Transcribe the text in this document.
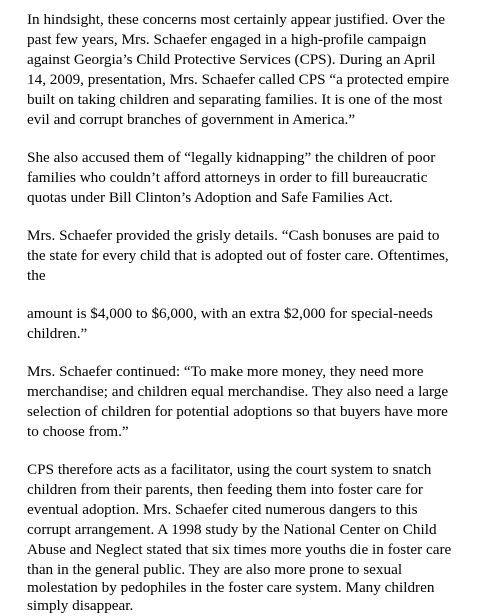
In hindsight, these concerns most certainly appear justified. Over the
past few years, Mrs. Schaefer engaged in a high-profile campaign
against Georgia’s Child Protective Services (CPS). During an April
14, 2009, presentation, Mrs. Schaefer called CPS “a protected empire
built on taking children and separating families. It is one of the most
evil and corrupt branches of government in America.”
She also accused them of “legally kidnapping” the children of poor
families who couldn’t afford attorneys in order to fill bureaucratic
quotas under Bill Clinton’s Adoption and Safe Families Act.
Mrs. Schaefer provided the grisly details. “Cash bonuses are paid to
the state for every child that is adopted out of foster care. Oftentimes,
the
amount is $4,000 to $6,000, with an extra $2,000 for special-needs
children.”
Mrs. Schaefer continued: “To make more money, they need more
merchandise; and children equal merchandise. They also need a large
selection of children for potential adoptions so that buyers have more
to choose from.”
CPS therefore acts as a facilitator, using the court system to snatch
children from their parents, then feeding them into foster care for
eventual adoption. Mrs. Schaefer cited numerous dangers to this
corrupt arrangement. A 1998 study by the National Center on Child
Abuse and Neglect stated that six times more youths die in foster care
than in the general public. They are also more prone to sexual
molestation by pedophiles in the foster care system. Many children
simply disappear.
